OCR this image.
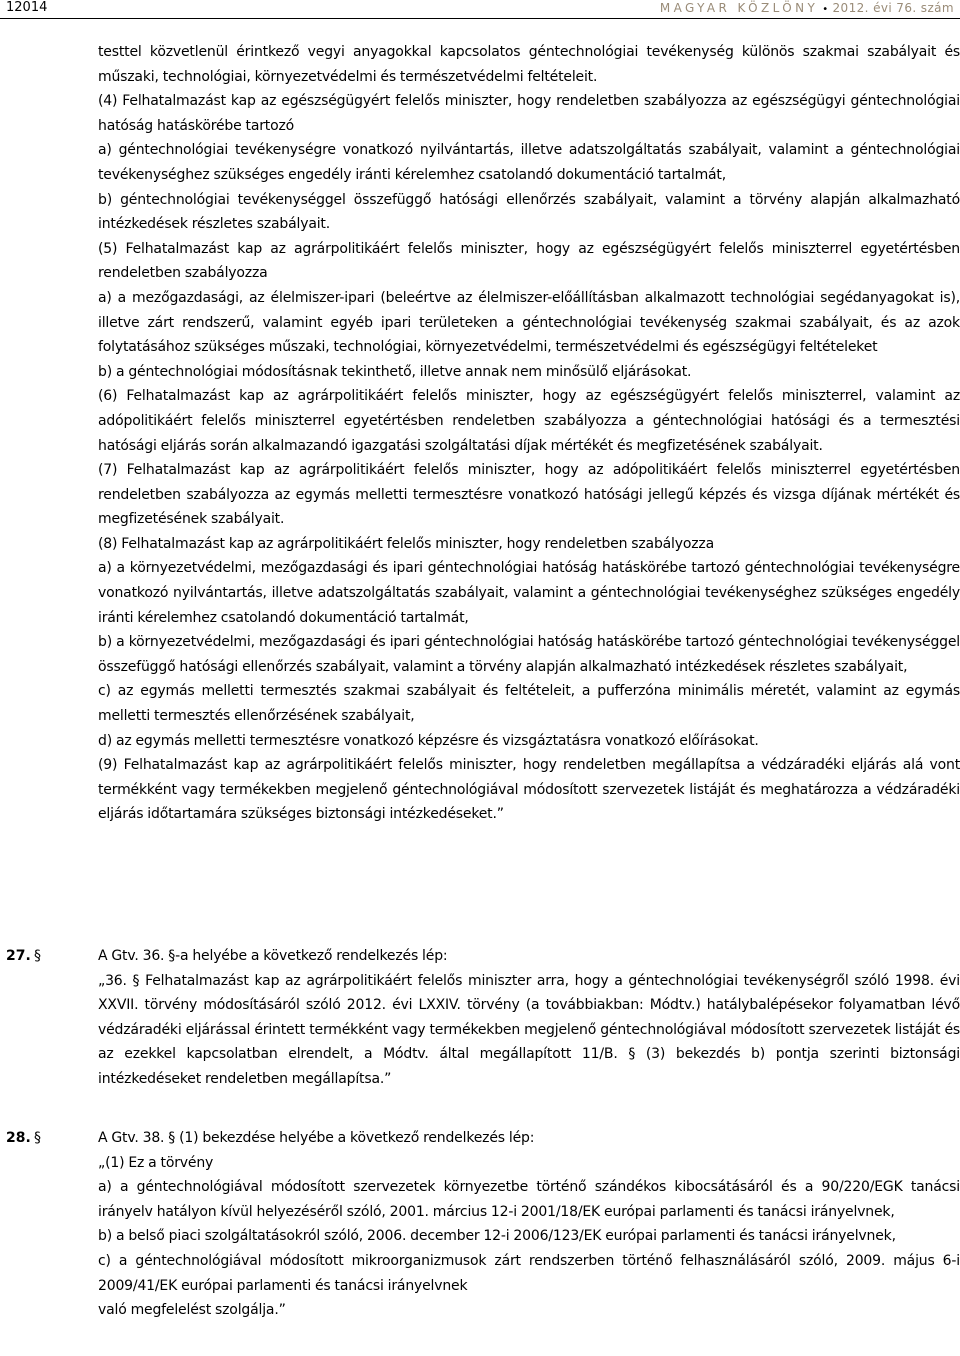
12014	MAGYAR KÖZLÖNY • 2012. évi 76. szám

testtel közvetlenül érintkező vegyi anyagokkal kapcsolatos géntechnológiai tevékenység különös szakmai szabályait és műszaki, technológiai, környezetvédelmi és természetvédelmi feltételeit.

(4) Felhatalmazást kap az egészségügyért felelős miniszter, hogy rendeletben szabályozza az egészségügyi géntechnológiai hatóság hatáskörébe tartozó

a) géntechnológiai tevékenységre vonatkozó nyilvántartás, illetve adatszolgáltatás szabályait, valamint a géntechnológiai tevékenységhez szükséges engedély iránti kérelemhez csatolandó dokumentáció tartalmát,

b) géntechnológiai tevékenységgel összefüggő hatósági ellenőrzés szabályait, valamint a törvény alapján alkalmazható intézkedések részletes szabályait.

(5) Felhatalmazást kap az agrárpolitikáért felelős miniszter, hogy az egészségügyért felelős miniszterrel egyetértésben rendeletben szabályozza

a) a mezőgazdasági, az élelmiszer-ipari (beleértve az élelmiszer-előállításban alkalmazott technológiai segédanyagokat is), illetve zárt rendszerű, valamint egyéb ipari területeken a géntechnológiai tevékenység szakmai szabályait, és az azok folytatásához szükséges műszaki, technológiai, környezetvédelmi, természetvédelmi és egészségügyi feltételeket

b) a géntechnológiai módosításnak tekinthető, illetve annak nem minősülő eljárásokat.

(6) Felhatalmazást kap az agrárpolitikáért felelős miniszter, hogy az egészségügyért felelős miniszterrel, valamint az adópolitikáért felelős miniszterrel egyetértésben rendeletben szabályozza a géntechnológiai hatósági és a termesztési hatósági eljárás során alkalmazandó igazgatási szolgáltatási díjak mértékét és megfizetésének szabályait.

(7) Felhatalmazást kap az agrárpolitikáért felelős miniszter, hogy az adópolitikáért felelős miniszterrel egyetértésben rendeletben szabályozza az egymás melletti termesztésre vonatkozó hatósági jellegű képzés és vizsga díjának mértékét és megfizetésének szabályait.

(8) Felhatalmazást kap az agrárpolitikáért felelős miniszter, hogy rendeletben szabályozza

a) a környezetvédelmi, mezőgazdasági és ipari géntechnológiai hatóság hatáskörébe tartozó géntechnológiai tevékenységre vonatkozó nyilvántartás, illetve adatszolgáltatás szabályait, valamint a géntechnológiai tevékenységhez szükséges engedély iránti kérelemhez csatolandó dokumentáció tartalmát,

b) a környezetvédelmi, mezőgazdasági és ipari géntechnológiai hatóság hatáskörébe tartozó géntechnológiai tevékenységgel összefüggő hatósági ellenőrzés szabályait, valamint a törvény alapján alkalmazható intézkedések részletes szabályait,

c) az egymás melletti termesztés szakmai szabályait és feltételeit, a pufferzóna minimális méretét, valamint az egymás melletti termesztés ellenőrzésének szabályait,

d) az egymás melletti termesztésre vonatkozó képzésre és vizsgáztatásra vonatkozó előírásokat.

(9) Felhatalmazást kap az agrárpolitikáért felelős miniszter, hogy rendeletben megállapítsa a védzáradéki eljárás alá vont termékként vagy termékekben megjelenő géntechnológiával módosított szervezetek listáját és meghatározza a védzáradéki eljárás időtartamára szükséges biztonsági intézkedéseket.”

27. §	A Gtv. 36. §-a helyébe a következő rendelkezés lép:

„36. § Felhatalmazást kap az agrárpolitikáért felelős miniszter arra, hogy a géntechnológiai tevékenységről szóló 1998. évi XXVII. törvény módosításáról szóló 2012. évi LXXIV. törvény (a továbbiakban: Módtv.) hatálybalépésekor folyamatban lévő védzáradéki eljárással érintett termékként vagy termékekben megjelenő géntechnológiával módosított szervezetek listáját és az ezekkel kapcsolatban elrendelt, a Módtv. által megállapított 11/B. § (3) bekezdés b) pontja szerinti biztonsági intézkedéseket rendeletben megállapítsa.”

28. §	A Gtv. 38. § (1) bekezdése helyébe a következő rendelkezés lép:

„(1) Ez a törvény

a) a géntechnológiával módosított szervezetek környezetbe történő szándékos kibocsátásáról és a 90/220/EGK tanácsi irányelv hatályon kívül helyezéséről szóló, 2001. március 12-i 2001/18/EK európai parlamenti és tanácsi irányelvnek,

b) a belső piaci szolgáltatásokról szóló, 2006. december 12-i 2006/123/EK európai parlamenti és tanácsi irányelvnek,

c) a géntechnológiával módosított mikroorganizmusok zárt rendszerben történő felhasználásáról szóló, 2009. május 6-i 2009/41/EK európai parlamenti és tanácsi irányelvnek

való megfelelést szolgálja.”
